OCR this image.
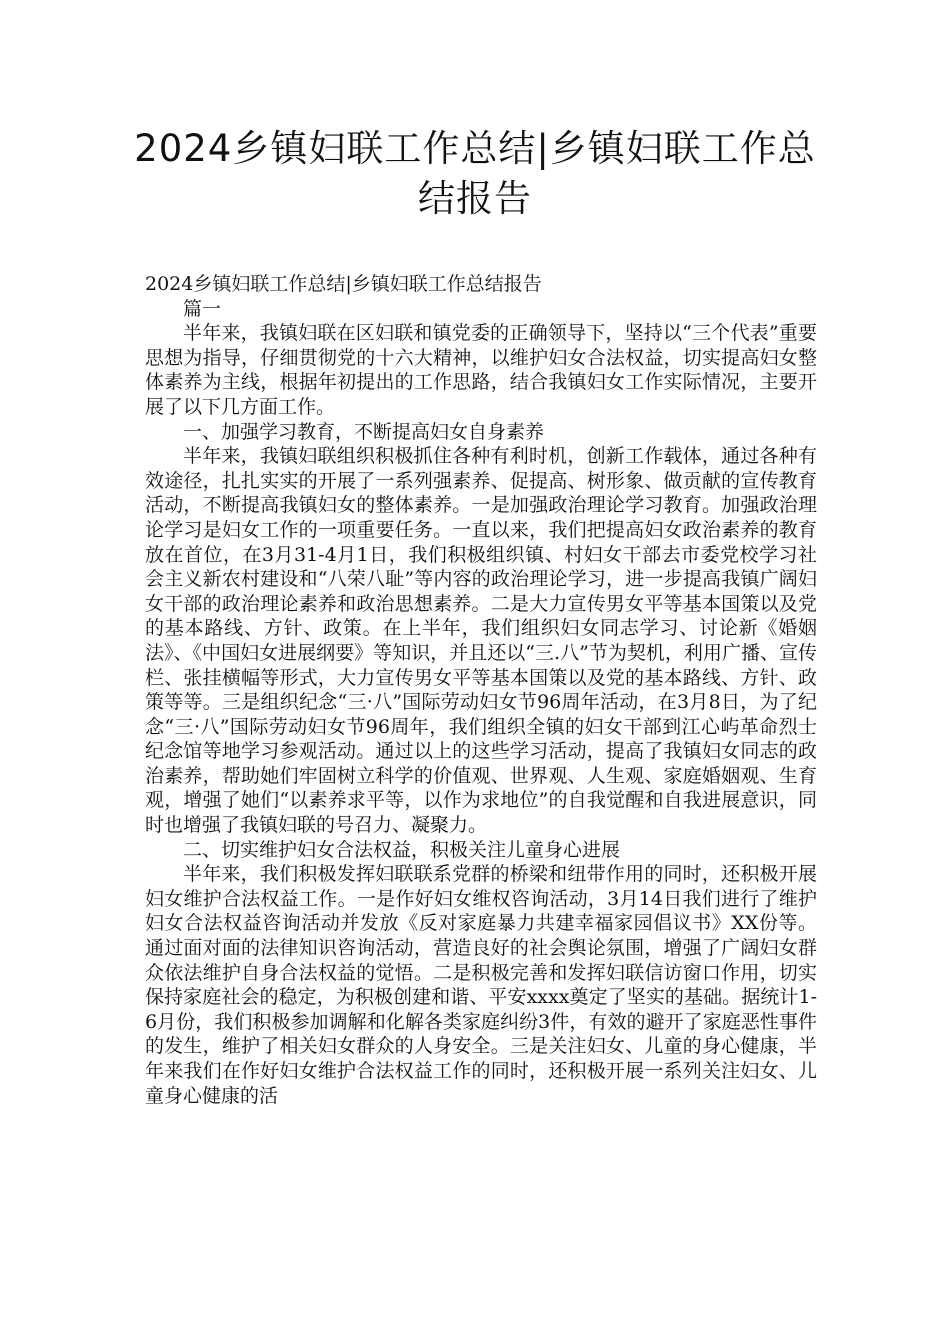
2024乡镇妇联工作总结|乡镇妇联工作总结报告

2024乡镇妇联工作总结|乡镇妇联工作总结报告

篇一

半年来，我镇妇联在区妇联和镇党委的正确领导下，坚持以“三个代表”重要思想为指导，仔细贯彻党的十六大精神，以维护妇女合法权益，切实提高妇女整体素养为主线，根据年初提出的工作思路，结合我镇妇女工作实际情况，主要开展了以下几方面工作。

一、加强学习教育，不断提高妇女自身素养

半年来，我镇妇联组织积极抓住各种有利时机，创新工作载体，通过各种有效途径，扎扎实实的开展了一系列强素养、促提高、树形象、做贡献的宣传教育活动，不断提高我镇妇女的整体素养。一是加强政治理论学习教育。加强政治理论学习是妇女工作的一项重要任务。一直以来，我们把提高妇女政治素养的教育放在首位，在3月31-4月1日，我们积极组织镇、村妇女干部去市委党校学习社会主义新农村建设和“八荣八耻”等内容的政治理论学习，进一步提高我镇广阔妇女干部的政治理论素养和政治思想素养。二是大力宣传男女平等基本国策以及党的基本路线、方针、政策。在上半年，我们组织妇女同志学习、讨论新《婚姻法》、《中国妇女进展纲要》等知识，并且还以“三.八”节为契机，利用广播、宣传栏、张挂横幅等形式，大力宣传男女平等基本国策以及党的基本路线、方针、政策等等。三是组织纪念“三·八”国际劳动妇女节96周年活动，在3月8日，为了纪念“三·八”国际劳动妇女节96周年，我们组织全镇的妇女干部到江心屿革命烈士纪念馆等地学习参观活动。通过以上的这些学习活动，提高了我镇妇女同志的政治素养，帮助她们牢固树立科学的价值观、世界观、人生观、家庭婚姻观、生育观，增强了她们“以素养求平等，以作为求地位”的自我觉醒和自我进展意识，同时也增强了我镇妇联的号召力、凝聚力。

二、切实维护妇女合法权益，积极关注儿童身心进展

半年来，我们积极发挥妇联联系党群的桥梁和纽带作用的同时，还积极开展妇女维护合法权益工作。一是作好妇女维权咨询活动，3月14日我们进行了维护妇女合法权益咨询活动并发放《反对家庭暴力共建幸福家园倡议书》XX份等。通过面对面的法律知识咨询活动，营造良好的社会舆论氛围，增强了广阔妇女群众依法维护自身合法权益的觉悟。二是积极完善和发挥妇联信访窗口作用，切实保持家庭社会的稳定，为积极创建和谐、平安xxxx奠定了坚实的基础。据统计1-6月份，我们积极参加调解和化解各类家庭纠纷3件，有效的避开了家庭恶性事件的发生，维护了相关妇女群众的人身安全。三是关注妇女、儿童的身心健康，半年来我们在作好妇女维护合法权益工作的同时，还积极开展一系列关注妇女、儿童身心健康的活
